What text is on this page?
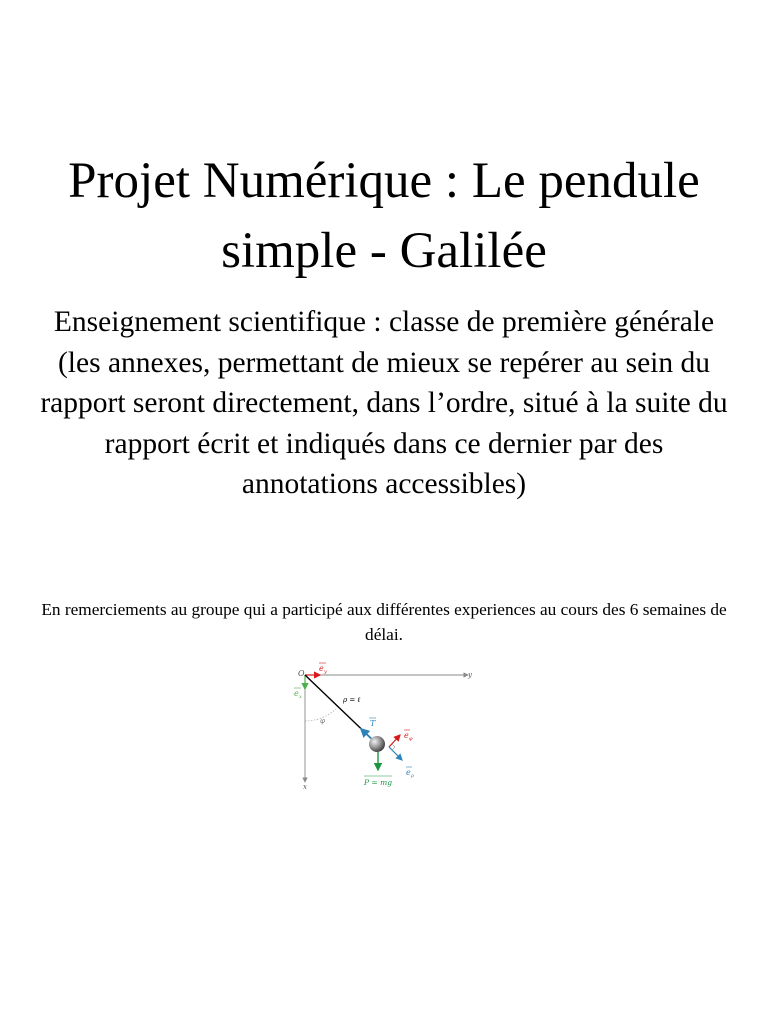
Projet Numérique : Le pendule simple - Galilée

Enseignement scientifique : classe de première générale (les annexes, permettant de mieux se repérer au sein du rapport seront directement, dans l’ordre, situé à la suite du rapport écrit et indiqués dans ce dernier par des annotations accessibles)

En remerciements au groupe qui a participé aux différentes experiences au cours des 6 semaines de délai.

O	y
x
e y
e x
φ
ρ = ℓ
T
P = mg
e φ
e ρ
